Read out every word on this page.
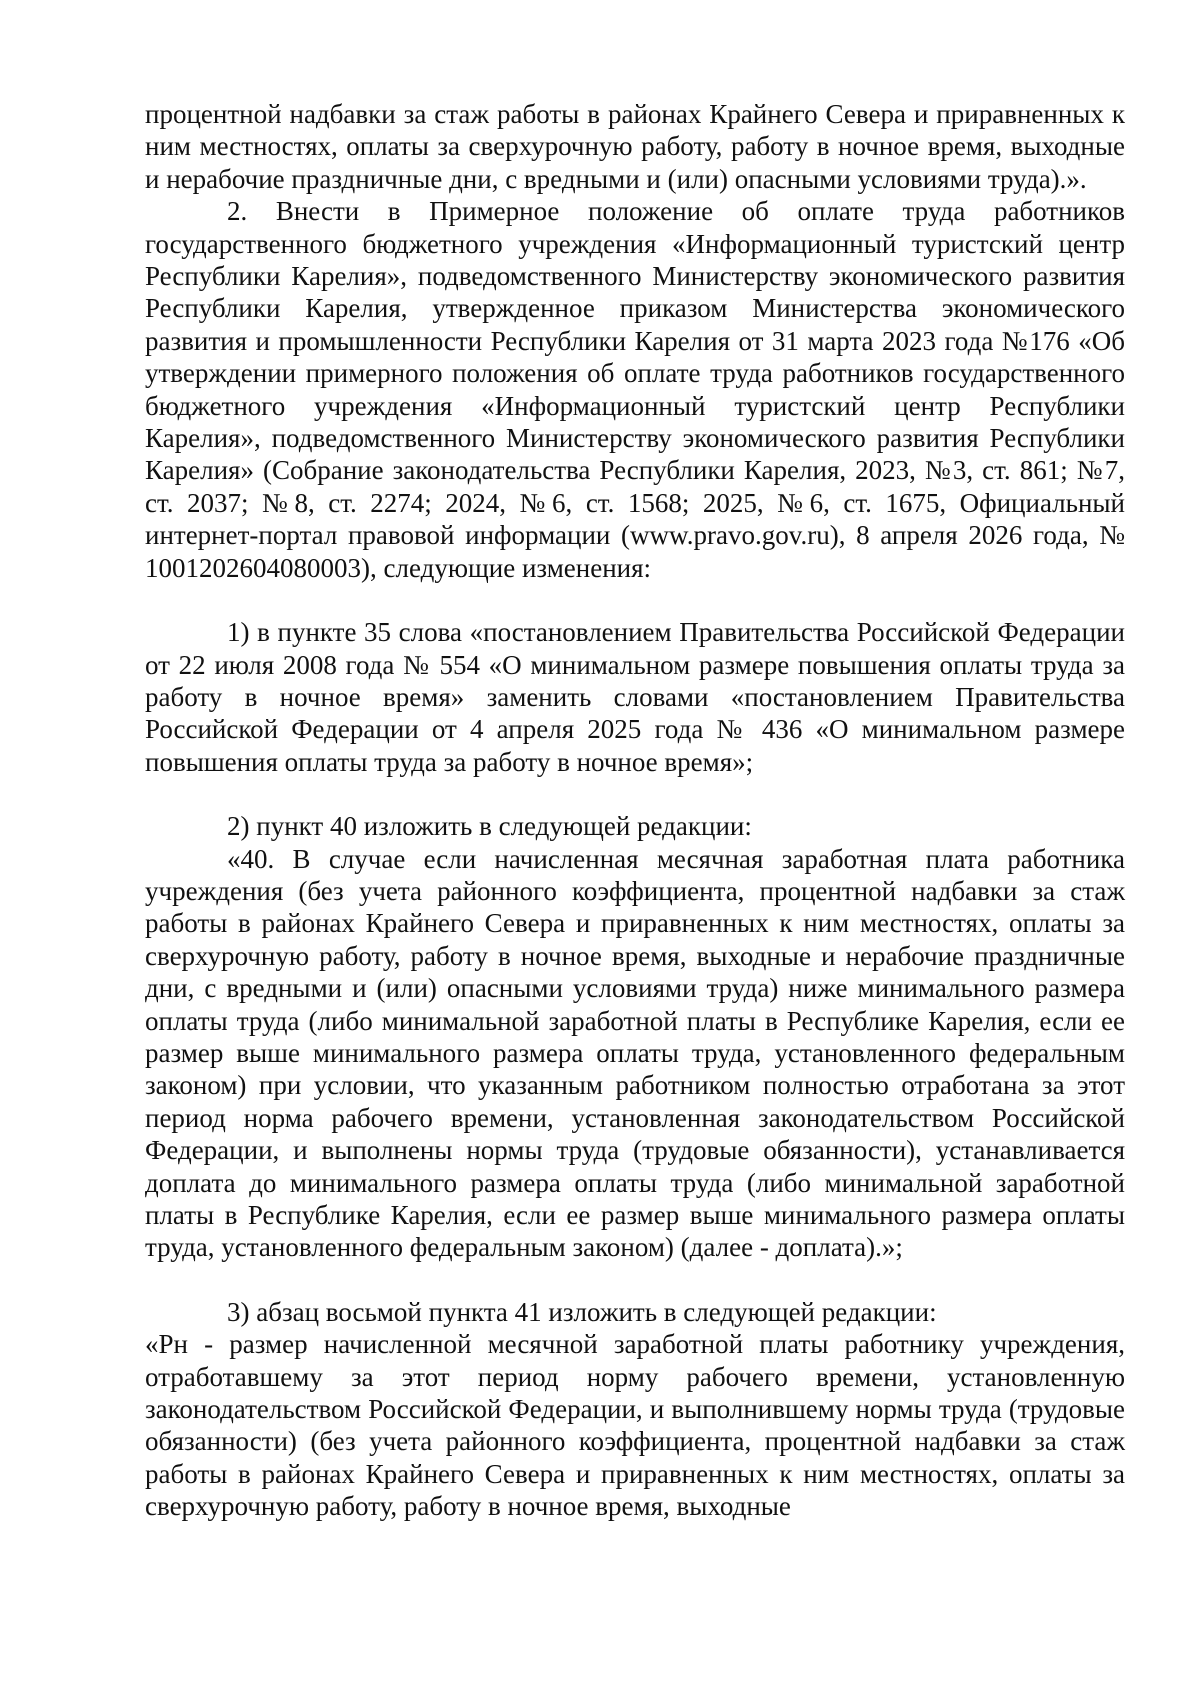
процентной надбавки за стаж работы в районах Крайнего Севера и приравненных к ним местностях, оплаты за сверхурочную работу, работу в ночное время, выходные и нерабочие праздничные дни, с вредными и (или) опасными условиями труда).».

2. Внести в Примерное положение об оплате труда работников государственного бюджетного учреждения «Информационный туристский центр Республики Карелия», подведомственного Министерству экономического развития Республики Карелия, утвержденное приказом Министерства экономического развития и промышленности Республики Карелия от 31 марта 2023 года №176 «Об утверждении примерного положения об оплате труда работников государственного бюджетного учреждения «Информационный туристский центр Республики Карелия», подведомственного Министерству экономического развития Республики Карелия» (Собрание законодательства Республики Карелия, 2023, №3, ст. 861; №7, ст. 2037; №8, ст. 2274; 2024, №6, ст. 1568; 2025, №6, ст. 1675, Официальный интернет-портал правовой информации (www.pravo.gov.ru), 8 апреля 2026 года, № 1001202604080003), следующие изменения:

1) в пункте 35 слова «постановлением Правительства Российской Федерации от 22 июля 2008 года № 554 «О минимальном размере повышения оплаты труда за работу в ночное время» заменить словами «постановлением Правительства Российской Федерации от 4 апреля 2025 года № 436 «О минимальном размере повышения оплаты труда за работу в ночное время»;

2) пункт 40 изложить в следующей редакции:

«40. В случае если начисленная месячная заработная плата работника учреждения (без учета районного коэффициента, процентной надбавки за стаж работы в районах Крайнего Севера и приравненных к ним местностях, оплаты за сверхурочную работу, работу в ночное время, выходные и нерабочие праздничные дни, с вредными и (или) опасными условиями труда) ниже минимального размера оплаты труда (либо минимальной заработной платы в Республике Карелия, если ее размер выше минимального размера оплаты труда, установленного федеральным законом) при условии, что указанным работником полностью отработана за этот период норма рабочего времени, установленная законодательством Российской Федерации, и выполнены нормы труда (трудовые обязанности), устанавливается доплата до минимального размера оплаты труда (либо минимальной заработной платы в Республике Карелия, если ее размер выше минимального размера оплаты труда, установленного федеральным законом) (далее - доплата).»;

3) абзац восьмой пункта 41 изложить в следующей редакции:

«Рн - размер начисленной месячной заработной платы работнику учреждения, отработавшему за этот период норму рабочего времени, установленную законодательством Российской Федерации, и выполнившему нормы труда (трудовые обязанности) (без учета районного коэффициента, процентной надбавки за стаж работы в районах Крайнего Севера и приравненных к ним местностях, оплаты за сверхурочную работу, работу в ночное время, выходные
